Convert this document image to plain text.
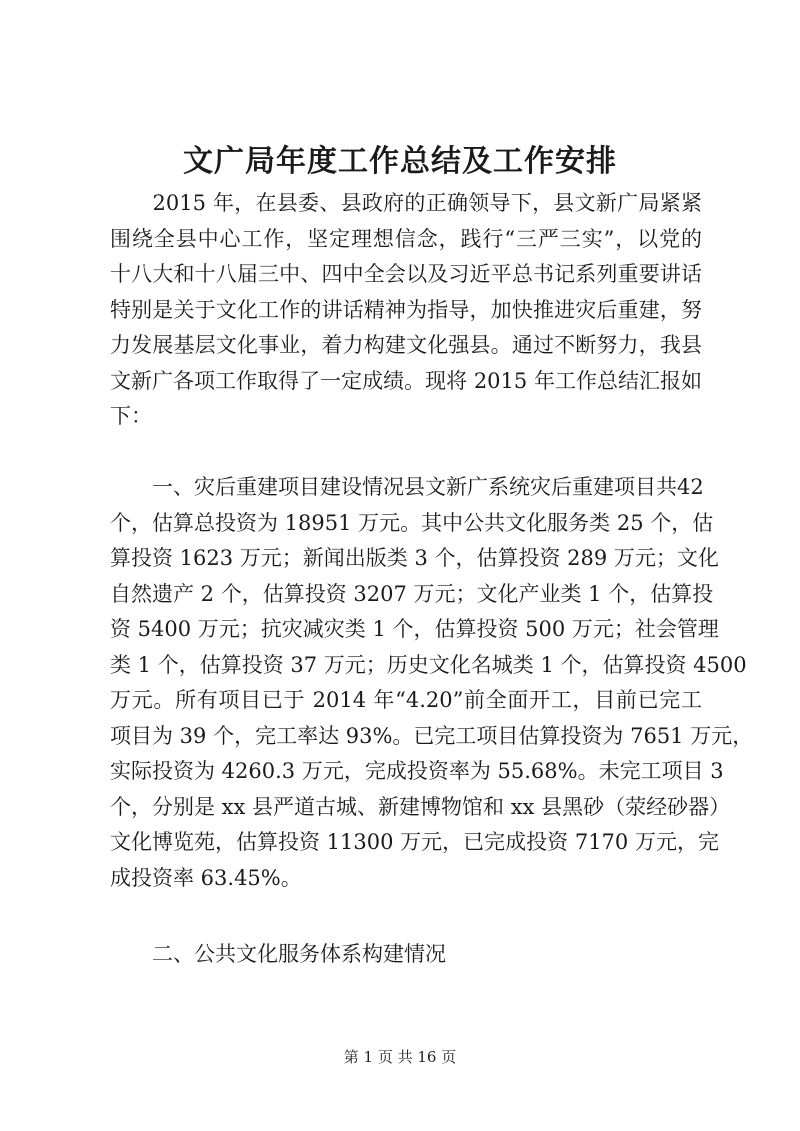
文广局年度工作总结及工作安排
　　2015 年，在县委、县政府的正确领导下，县文新广局紧紧
围绕全县中心工作，坚定理想信念，践行“三严三实”，以党的
十八大和十八届三中、四中全会以及习近平总书记系列重要讲话
特别是关于文化工作的讲话精神为指导，加快推进灾后重建，努
力发展基层文化事业，着力构建文化强县。通过不断努力，我县
文新广各项工作取得了一定成绩。现将 2015 年工作总结汇报如
下：
　　一、灾后重建项目建设情况县文新广系统灾后重建项目共42
个，估算总投资为 18951 万元。其中公共文化服务类 25 个，估
算投资 1623 万元；新闻出版类 3 个，估算投资 289 万元；文化
自然遗产 2 个，估算投资 3207 万元；文化产业类 1 个，估算投
资 5400 万元；抗灾减灾类 1 个，估算投资 500 万元；社会管理
类 1 个，估算投资 37 万元；历史文化名城类 1 个，估算投资 4500
万元。所有项目已于 2014 年“4.20”前全面开工，目前已完工
项目为 39 个，完工率达 93%。已完工项目估算投资为 7651 万元，
实际投资为 4260.3 万元，完成投资率为 55.68%。未完工项目 3
个，分别是 xx 县严道古城、新建博物馆和 xx 县黑砂（荥经砂器）
文化博览苑，估算投资 11300 万元，已完成投资 7170 万元，完
成投资率 63.45%。
　　二、公共文化服务体系构建情况

第 1 页 共 16 页
